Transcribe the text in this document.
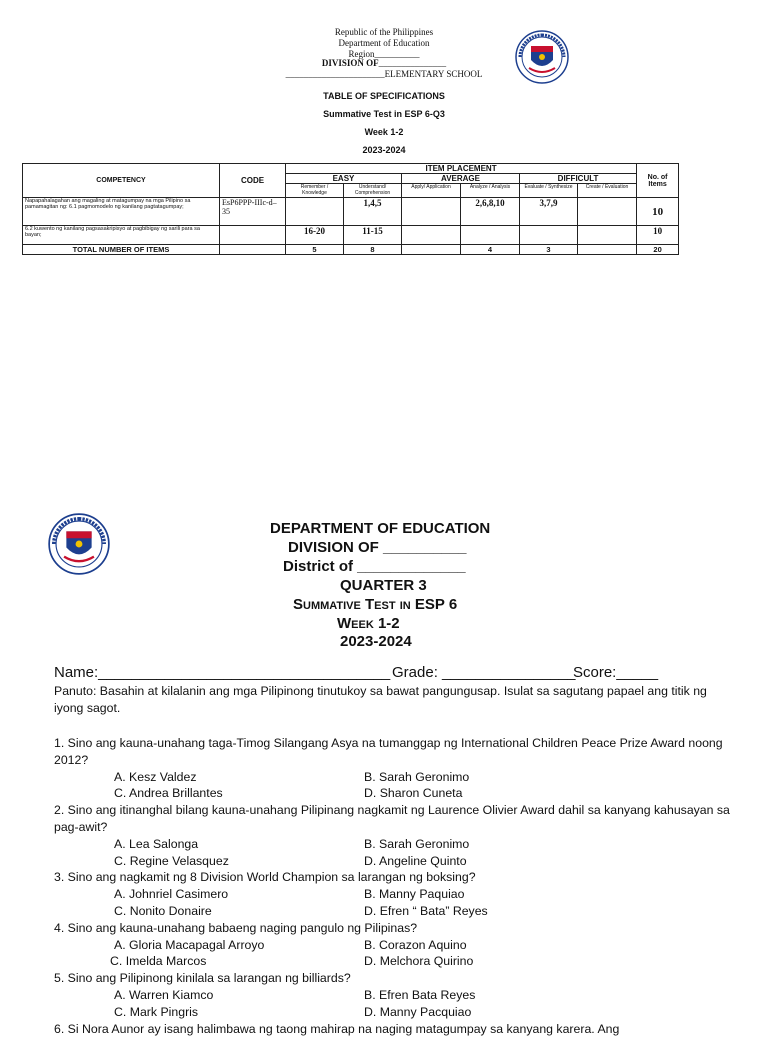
Republic of the Philippines
Department of Education
Region__________
DIVISION OF_______________
______________________ELEMENTARY SCHOOL
TABLE OF SPECIFICATIONS
Summative Test in ESP 6-Q3
Week 1-2
2023-2024
COMPETENCY	CODE	ITEM PLACEMENT						No. of Items
		EASY		AVERAGE		DIFFICULT		
		Remember / Knowledge	Understand/ Comprehension	Apply/ Application	Analyze / Analysis	Evaluate / Synthesize	Create / Evaluation	
Napapahalagahan ang magaling at matagumpay na mga Pilipino sa pamamagitan ng: 6.1 pagmomodelo ng kanilang pagtatagumpay;	EsP6PPP-IIIc-d–35		1,4,5		2,6,8,10	3,7,9		10
6.2 kuwento ng kanilang pagsasakripisyo at pagbibigay ng sarili para sa bayan;		16-20	11-15					10
TOTAL NUMBER OF ITEMS		5	8		4	3		20
DEPARTMENT OF EDUCATION
DIVISION OF __________
District of _____________
QUARTER 3
Summative Test in ESP 6
Week 1-2
2023-2024
Name:___________________________________ Grade: ________________
Score:_____
Panuto: Basahin at kilalanin ang mga Pilipinong tinutukoy sa bawat pangungusap. Isulat sa sagutang papael ang titik ng iyong sagot.
1. Sino ang kauna-unahang taga-Timog Silangang Asya na tumanggap ng International Children Peace Prize Award noong 2012?
A. Kesz Valdez	B. Sarah Geronimo
C. Andrea Brillantes	D. Sharon Cuneta
2. Sino ang itinanghal bilang kauna-unahang Pilipinang nagkamit ng Laurence Olivier Award dahil sa kanyang kahusayan sa pag-awit?
A. Lea Salonga	B. Sarah Geronimo
C. Regine Velasquez	D. Angeline Quinto
3. Sino ang nagkamit ng 8 Division World Champion sa larangan ng boksing?
A. Johnriel Casimero	B. Manny Paquiao
C. Nonito Donaire	D. Efren “ Bata” Reyes
4. Sino ang kauna-unahang babaeng naging pangulo ng Pilipinas?
A. Gloria Macapagal Arroyo	B. Corazon Aquino
C. Imelda Marcos	D. Melchora Quirino
5. Sino ang Pilipinong kinilala sa larangan ng billiards?
A. Warren Kiamco	B. Efren Bata Reyes
C. Mark Pingris	D. Manny Pacquiao
6. Si Nora Aunor ay isang halimbawa ng taong mahirap na naging matagumpay sa kanyang karera. Ang
